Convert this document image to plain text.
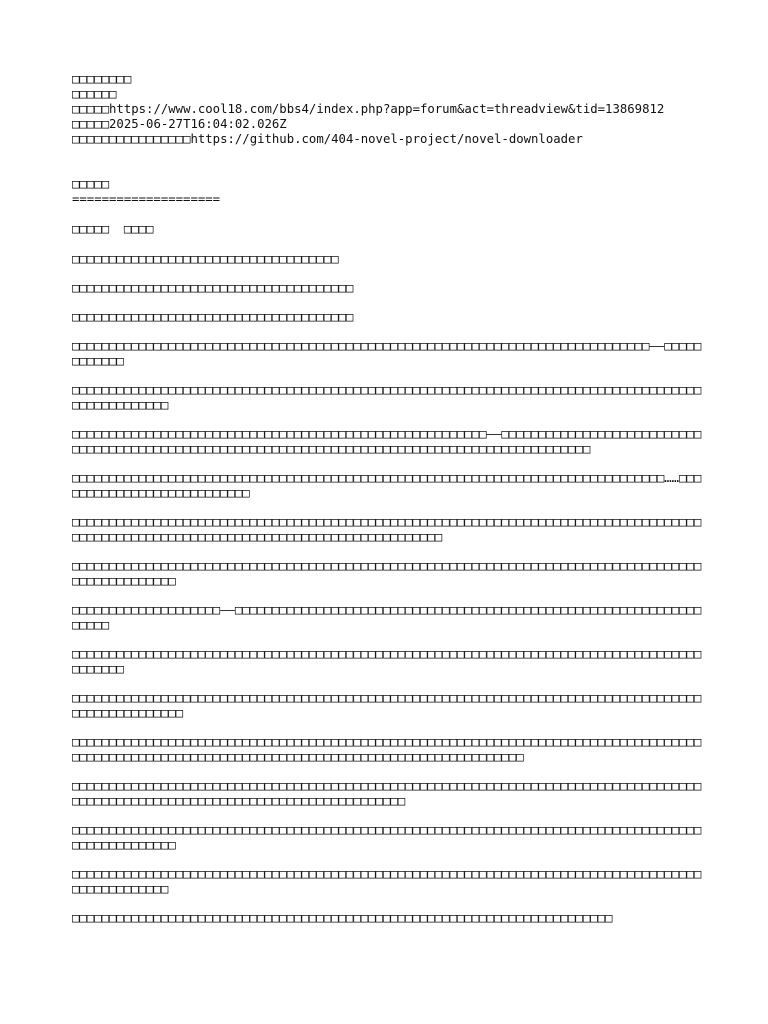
□□□□□□□□
□□□□□□
□□□□□https://www.cool18.com/bbs4/index.php?app=forum&act=threadview&tid=13869812
□□□□□2025-06-27T16:04:02.026Z
□□□□□□□□□□□□□□□□https://github.com/404-novel-project/novel-downloader
□□□□□
====================
□□□□□  □□□□

□□□□□□□□□□□□□□□□□□□□□□□□□□□□□□□□□□□□

□□□□□□□□□□□□□□□□□□□□□□□□□□□□□□□□□□□□□□

□□□□□□□□□□□□□□□□□□□□□□□□□□□□□□□□□□□□□□

□□□□□□□□□□□□□□□□□□□□□□□□□□□□□□□□□□□□□□□□□□□□□□□□□□□□□□□□□□□□□□□□□□□□□□□□□□□□□□——□□□□□□□□□□□□

□□□□□□□□□□□□□□□□□□□□□□□□□□□□□□□□□□□□□□□□□□□□□□□□□□□□□□□□□□□□□□□□□□□□□□□□□□□□□□□□□□□□□□□□□□□□□□□□□□

□□□□□□□□□□□□□□□□□□□□□□□□□□□□□□□□□□□□□□□□□□□□□□□□□□□□□□□□——□□□□□□□□□□□□□□□□□□□□□□□□□□□□□□□□□□□□□□□□□□□□□□□□□□□□□□□□□□□□□□□□□□□□□□□□□□□□□□□□□□□□□□□□□□□□□□□□□

□□□□□□□□□□□□□□□□□□□□□□□□□□□□□□□□□□□□□□□□□□□□□□□□□□□□□□□□□□□□□□□□□□□□□□□□□□□□□□□□……□□□□□□□□□□□□□□□□□□□□□□□□□□□

□□□□□□□□□□□□□□□□□□□□□□□□□□□□□□□□□□□□□□□□□□□□□□□□□□□□□□□□□□□□□□□□□□□□□□□□□□□□□□□□□□□□□□□□□□□□□□□□□□□□□□□□□□□□□□□□□□□□□□□□□□□□□□□□□□□□□□□

□□□□□□□□□□□□□□□□□□□□□□□□□□□□□□□□□□□□□□□□□□□□□□□□□□□□□□□□□□□□□□□□□□□□□□□□□□□□□□□□□□□□□□□□□□□□□□□□□□□

□□□□□□□□□□□□□□□□□□□□——□□□□□□□□□□□□□□□□□□□□□□□□□□□□□□□□□□□□□□□□□□□□□□□□□□□□□□□□□□□□□□□□□□□□

□□□□□□□□□□□□□□□□□□□□□□□□□□□□□□□□□□□□□□□□□□□□□□□□□□□□□□□□□□□□□□□□□□□□□□□□□□□□□□□□□□□□□□□□□□□□

□□□□□□□□□□□□□□□□□□□□□□□□□□□□□□□□□□□□□□□□□□□□□□□□□□□□□□□□□□□□□□□□□□□□□□□□□□□□□□□□□□□□□□□□□□□□□□□□□□□□

□□□□□□□□□□□□□□□□□□□□□□□□□□□□□□□□□□□□□□□□□□□□□□□□□□□□□□□□□□□□□□□□□□□□□□□□□□□□□□□□□□□□□□□□□□□□□□□□□□□□□□□□□□□□□□□□□□□□□□□□□□□□□□□□□□□□□□□□□□□□□□□□□□

□□□□□□□□□□□□□□□□□□□□□□□□□□□□□□□□□□□□□□□□□□□□□□□□□□□□□□□□□□□□□□□□□□□□□□□□□□□□□□□□□□□□□□□□□□□□□□□□□□□□□□□□□□□□□□□□□□□□□□□□□□□□□□□□□□

□□□□□□□□□□□□□□□□□□□□□□□□□□□□□□□□□□□□□□□□□□□□□□□□□□□□□□□□□□□□□□□□□□□□□□□□□□□□□□□□□□□□□□□□□□□□□□□□□□□

□□□□□□□□□□□□□□□□□□□□□□□□□□□□□□□□□□□□□□□□□□□□□□□□□□□□□□□□□□□□□□□□□□□□□□□□□□□□□□□□□□□□□□□□□□□□□□□□□□

□□□□□□□□□□□□□□□□□□□□□□□□□□□□□□□□□□□□□□□□□□□□□□□□□□□□□□□□□□□□□□□□□□□□□□□□□
